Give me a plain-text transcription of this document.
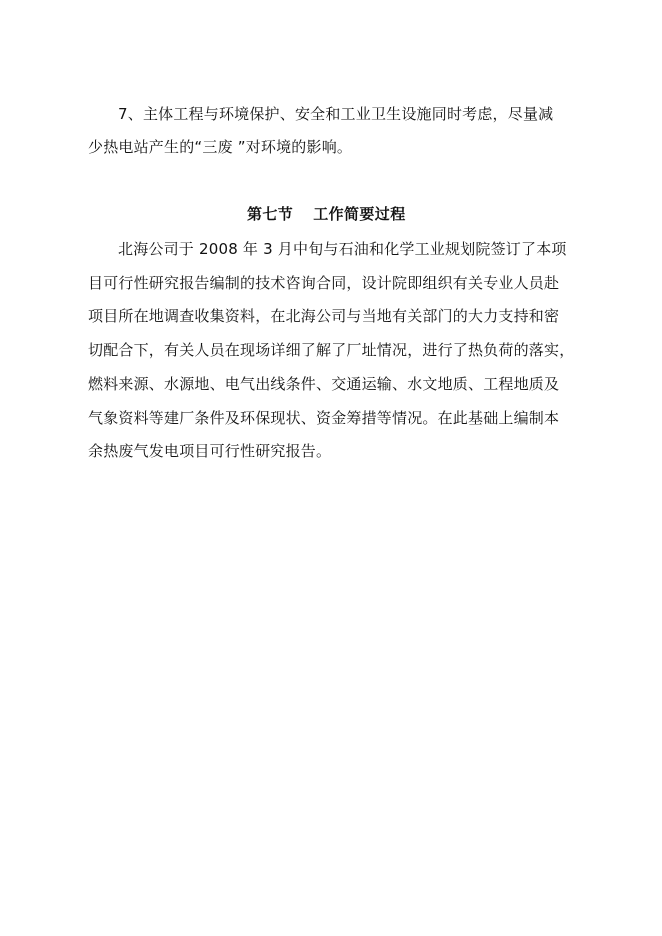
7、主体工程与环境保护、安全和工业卫生设施同时考虑，尽量减
少热电站产生的“三废 ”对环境的影响。
第七节 工作简要过程
北海公司于 2008 年 3 月中旬与石油和化学工业规划院签订了本项
目可行性研究报告编制的技术咨询合同，设计院即组织有关专业人员赴
项目所在地调查收集资料，在北海公司与当地有关部门的大力支持和密
切配合下，有关人员在现场详细了解了厂址情况，进行了热负荷的落实，
燃料来源、水源地、电气出线条件、交通运输、水文地质、工程地质及
气象资料等建厂条件及环保现状、资金筹措等情况。在此基础上编制本
余热废气发电项目可行性研究报告。
